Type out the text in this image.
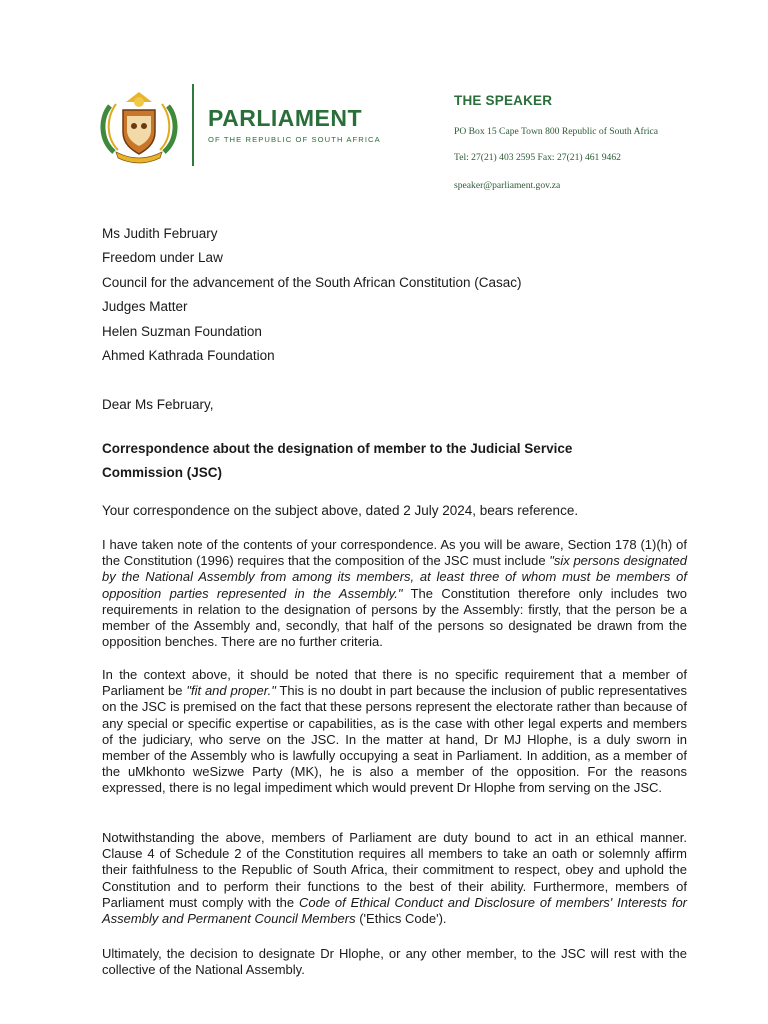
PARLIAMENT
OF THE REPUBLIC OF SOUTH AFRICA
THE SPEAKER
PO Box 15 Cape Town 800 Republic of South Africa
Tel: 27(21) 403 2595 Fax: 27(21) 461 9462
speaker@parliament.gov.za
Ms Judith February
Freedom under Law
Council for the advancement of the South African Constitution (Casac)
Judges Matter
Helen Suzman Foundation
Ahmed Kathrada Foundation
Dear Ms February,
Correspondence about the designation of member to the Judicial Service Commission (JSC)
Your correspondence on the subject above, dated 2 July 2024, bears reference.
I have taken note of the contents of your correspondence. As you will be aware, Section 178 (1)(h) of the Constitution (1996) requires that the composition of the JSC must include "six persons designated by the National Assembly from among its members, at least three of whom must be members of opposition parties represented in the Assembly." The Constitution therefore only includes two requirements in relation to the designation of persons by the Assembly: firstly, that the person be a member of the Assembly and, secondly, that half of the persons so designated be drawn from the opposition benches. There are no further criteria.
In the context above, it should be noted that there is no specific requirement that a member of Parliament be "fit and proper." This is no doubt in part because the inclusion of public representatives on the JSC is premised on the fact that these persons represent the electorate rather than because of any special or specific expertise or capabilities, as is the case with other legal experts and members of the judiciary, who serve on the JSC. In the matter at hand, Dr MJ Hlophe, is a duly sworn in member of the Assembly who is lawfully occupying a seat in Parliament. In addition, as a member of the uMkhonto weSizwe Party (MK), he is also a member of the opposition. For the reasons expressed, there is no legal impediment which would prevent Dr Hlophe from serving on the JSC.
Notwithstanding the above, members of Parliament are duty bound to act in an ethical manner. Clause 4 of Schedule 2 of the Constitution requires all members to take an oath or solemnly affirm their faithfulness to the Republic of South Africa, their commitment to respect, obey and uphold the Constitution and to perform their functions to the best of their ability. Furthermore, members of Parliament must comply with the Code of Ethical Conduct and Disclosure of members' Interests for Assembly and Permanent Council Members ('Ethics Code').
Ultimately, the decision to designate Dr Hlophe, or any other member, to the JSC will rest with the collective of the National Assembly.
